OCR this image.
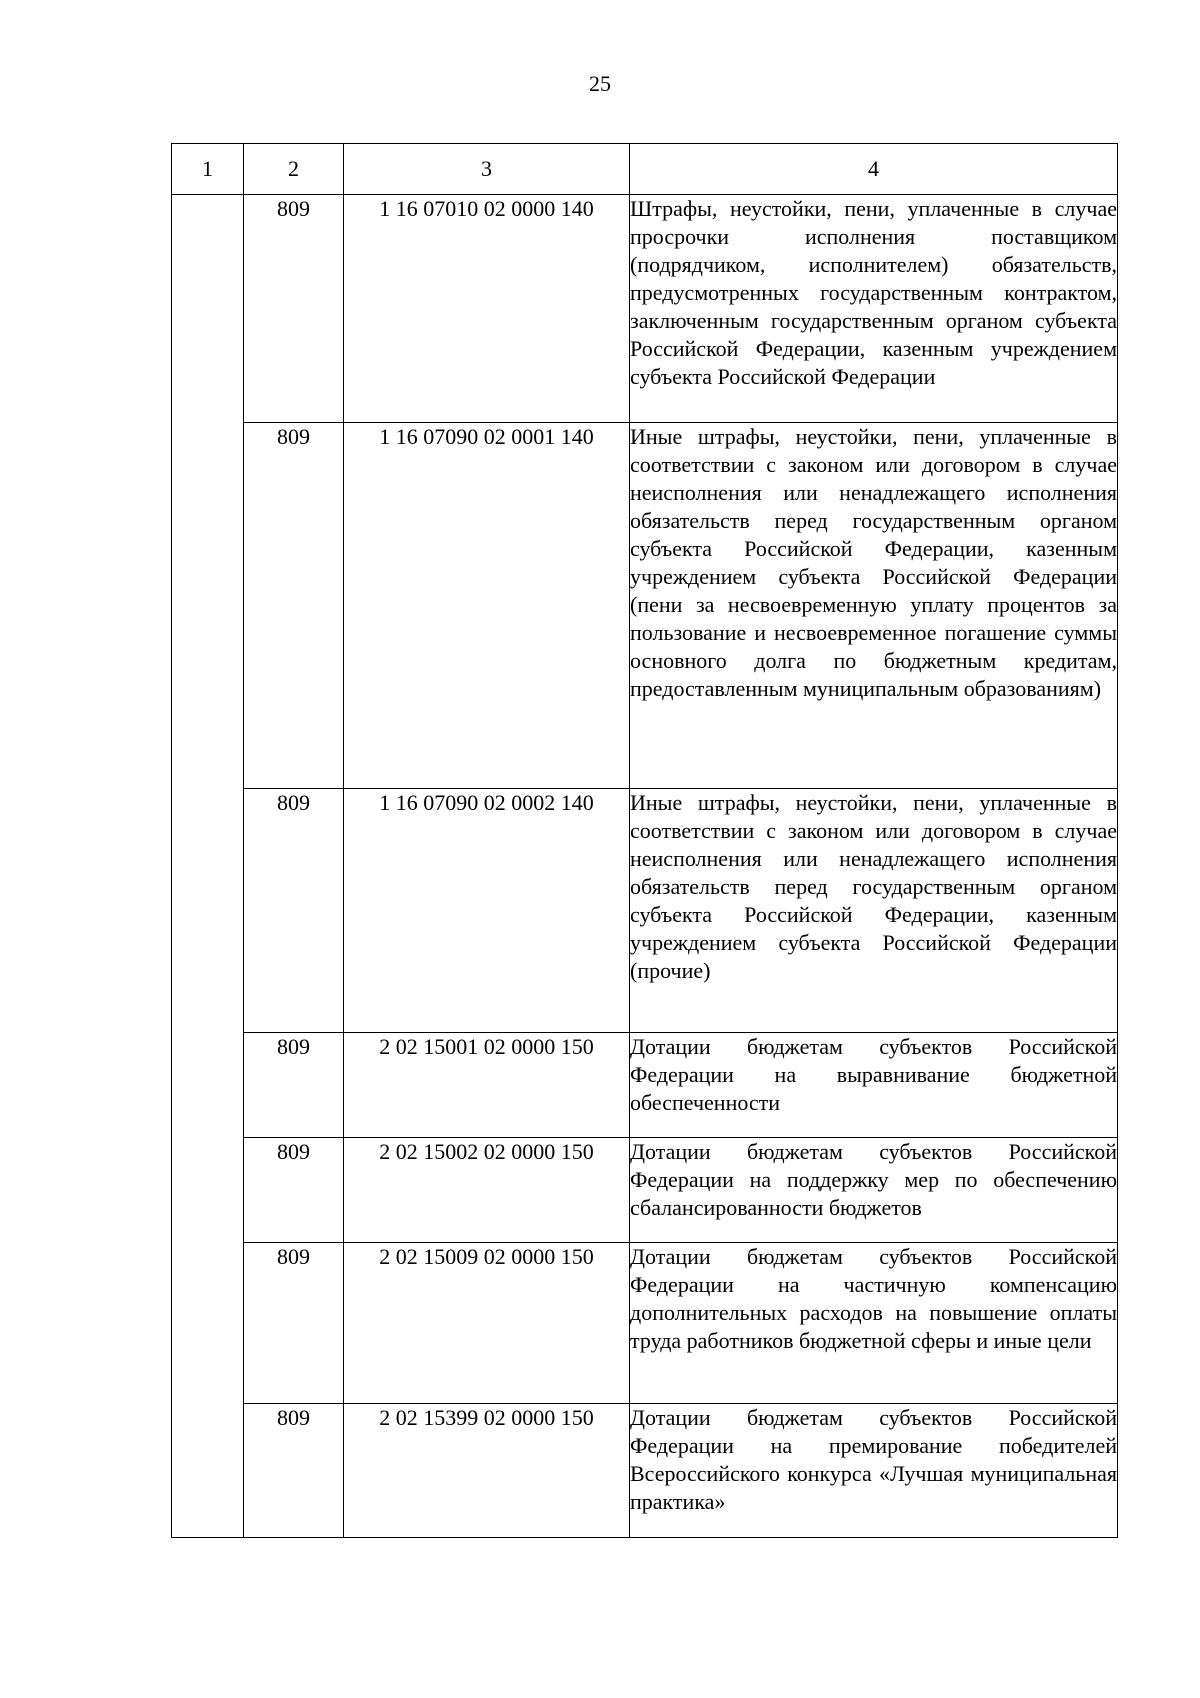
25
1	2	3	4
	809	1 16 07010 02 0000 140	Штрафы, неустойки, пени, уплаченные в случае просрочки исполнения поставщиком (подрядчиком, исполнителем) обязательств, предусмотренных государственным контрактом, заключенным государственным органом субъекта Российской Федерации, казенным учреждением субъекта Российской Федерации
	809	1 16 07090 02 0001 140	Иные штрафы, неустойки, пени, уплаченные в соответствии с законом или договором в случае неисполнения или ненадлежащего исполнения обязательств перед государственным органом субъекта Российской Федерации, казенным учреждением субъекта Российской Федерации (пени за несвоевременную уплату процентов за пользование и несвоевременное погашение суммы основного долга по бюджетным кредитам, предоставленным муниципальным образованиям)
	809	1 16 07090 02 0002 140	Иные штрафы, неустойки, пени, уплаченные в соответствии с законом или договором в случае неисполнения или ненадлежащего исполнения обязательств перед государственным органом субъекта Российской Федерации, казенным учреждением субъекта Российской Федерации (прочие)
	809	2 02 15001 02 0000 150	Дотации бюджетам субъектов Российской Федерации на выравнивание бюджетной обеспеченности
	809	2 02 15002 02 0000 150	Дотации бюджетам субъектов Российской Федерации на поддержку мер по обеспечению сбалансированности бюджетов
	809	2 02 15009 02 0000 150	Дотации бюджетам субъектов Российской Федерации на частичную компенсацию дополнительных расходов на повышение оплаты труда работников бюджетной сферы и иные цели
	809	2 02 15399 02 0000 150	Дотации бюджетам субъектов Российской Федерации на премирование победителей Всероссийского конкурса «Лучшая муниципальная практика»
